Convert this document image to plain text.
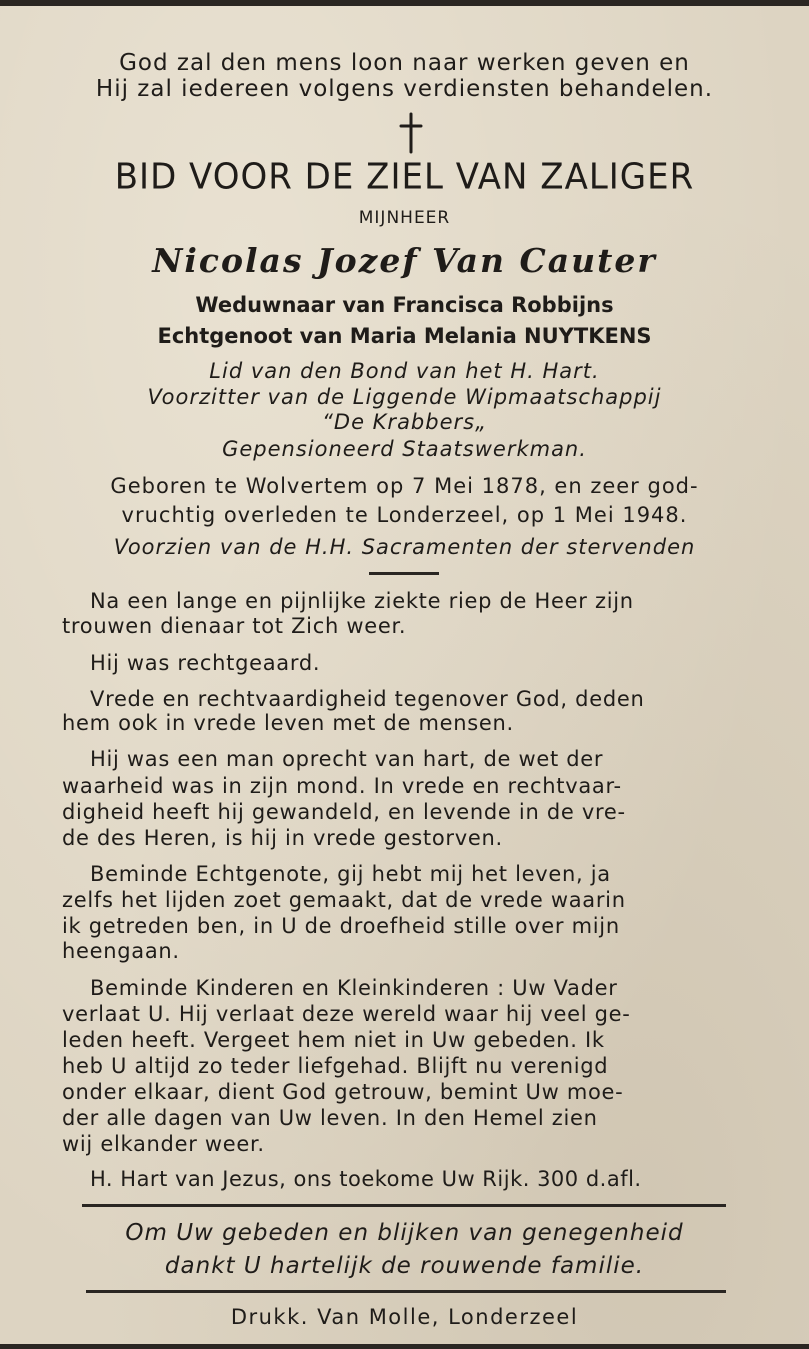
God zal den mens loon naar werken geven en
Hij zal iedereen volgens verdiensten behandelen.
BID VOOR DE ZIEL VAN ZALIGER
MIJNHEER
Nicolas Jozef Van Cauter
Weduwnaar van Francisca Robbijns
Echtgenoot van Maria Melania NUYTKENS
Lid van den Bond van het H. Hart.
Voorzitter van de Liggende Wipmaatschappij
“De Krabbers„
Gepensioneerd Staatswerkman.
Geboren te Wolvertem op 7 Mei 1878, en zeer god-
vruchtig overleden te Londerzeel, op 1 Mei 1948.
Voorzien van de H.H. Sacramenten der stervenden
Na een lange en pijnlijke ziekte riep de Heer zijn
trouwen dienaar tot Zich weer.
Hij was rechtgeaard.
Vrede en rechtvaardigheid tegenover God, deden
hem ook in vrede leven met de mensen.
Hij was een man oprecht van hart, de wet der
waarheid was in zijn mond. In vrede en rechtvaar-
digheid heeft hij gewandeld, en levende in de vre-
de des Heren, is hij in vrede gestorven.
Beminde Echtgenote, gij hebt mij het leven, ja
zelfs het lijden zoet gemaakt, dat de vrede waarin
ik getreden ben, in U de droefheid stille over mijn
heengaan.
Beminde Kinderen en Kleinkinderen : Uw Vader
verlaat U. Hij verlaat deze wereld waar hij veel ge-
leden heeft. Vergeet hem niet in Uw gebeden. Ik
heb U altijd zo teder liefgehad. Blijft nu verenigd
onder elkaar, dient God getrouw, bemint Uw moe-
der alle dagen van Uw leven. In den Hemel zien
wij elkander weer.
H. Hart van Jezus, ons toekome Uw Rijk. 300 d.afl.
Om Uw gebeden en blijken van genegenheid
dankt U hartelijk de rouwende familie.
Drukk. Van Molle, Londerzeel
